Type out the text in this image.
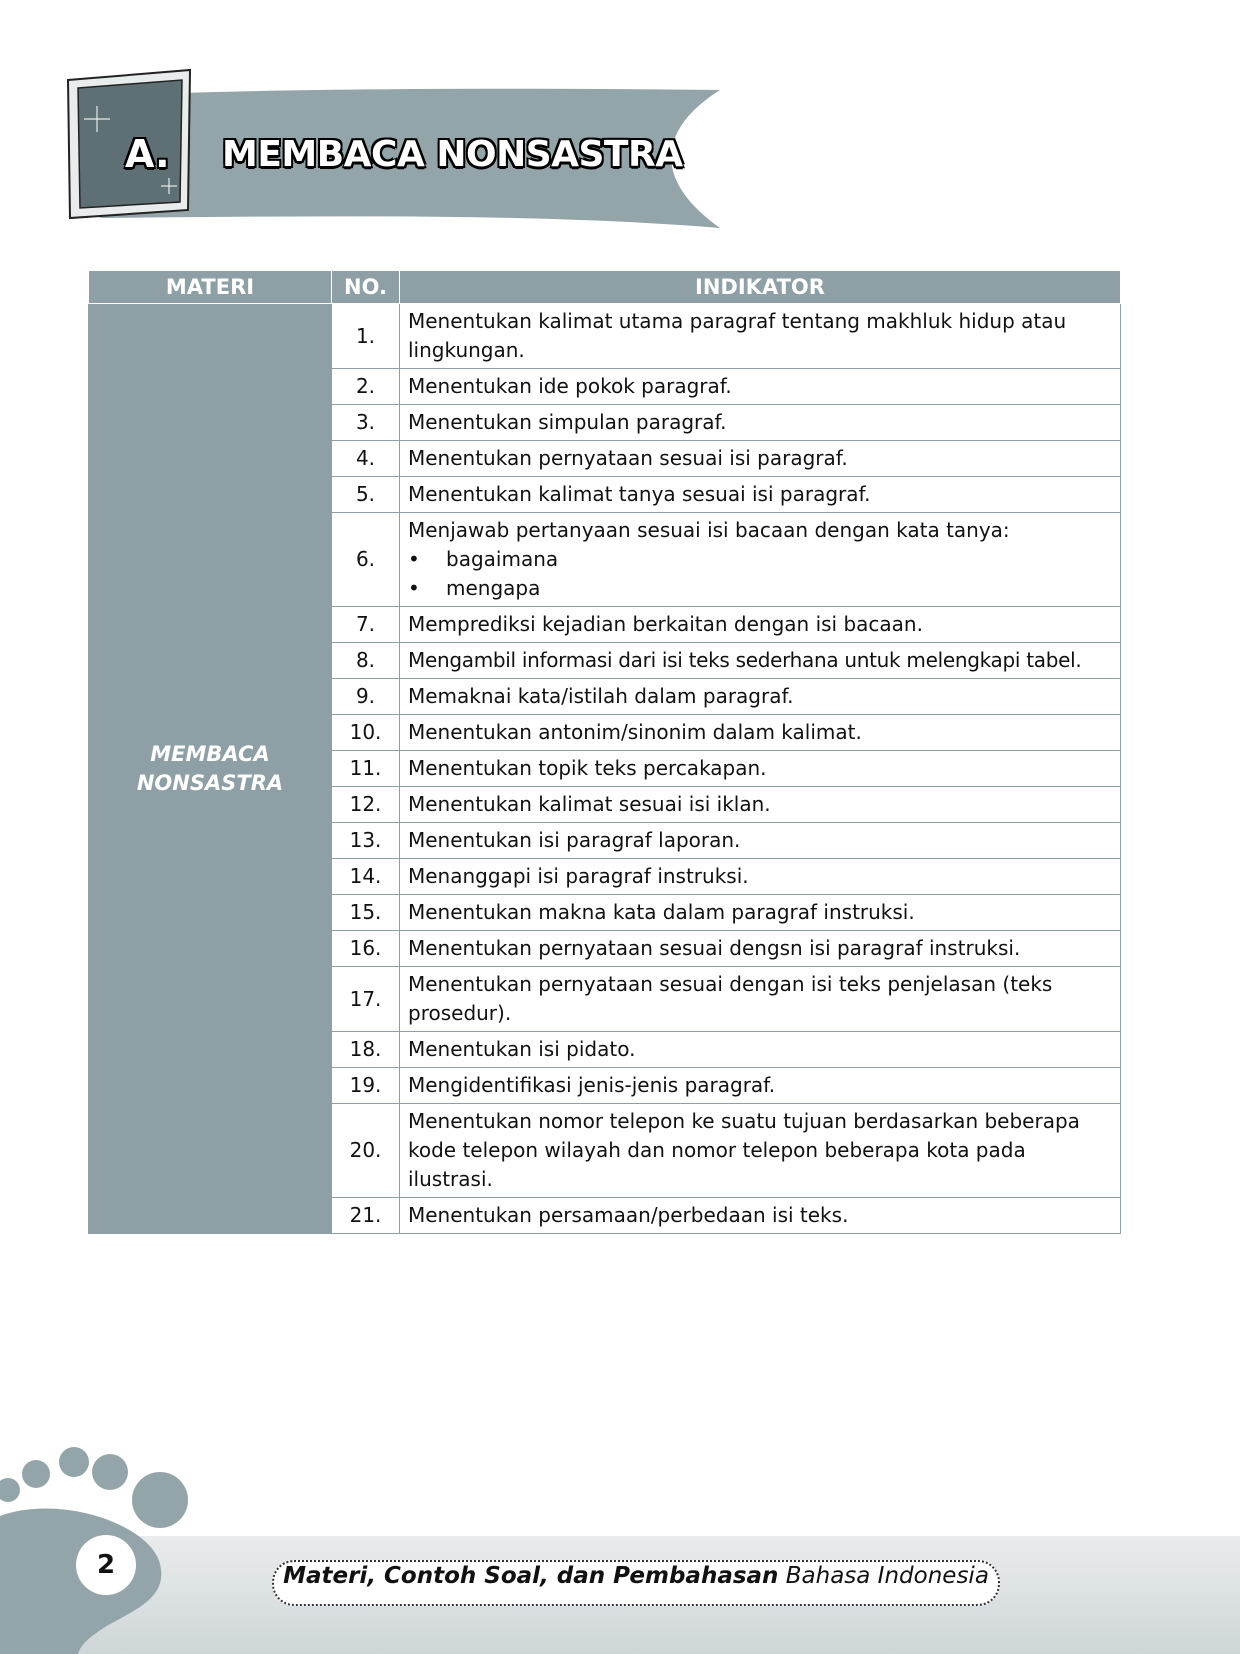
A. MEMBACA NONSASTRA
MATERI	NO.	INDIKATOR
MEMBACA
NONSASTRA	1.	Menentukan kalimat utama paragraf tentang makhluk hidup atau lingkungan.
	2.	Menentukan ide pokok paragraf.
	3.	Menentukan simpulan paragraf.
	4.	Menentukan pernyataan sesuai isi paragraf.
	5.	Menentukan kalimat tanya sesuai isi paragraf.
	6.	Menjawab pertanyaan sesuai isi bacaan dengan kata tanya:
• bagaimana
• mengapa

	7.	Memprediksi kejadian berkaitan dengan isi bacaan.
	8.	Mengambil informasi dari isi teks sederhana untuk melengkapi tabel.
	9.	Memaknai kata/istilah dalam paragraf.
	10.	Menentukan antonim/sinonim dalam kalimat.
	11.	Menentukan topik teks percakapan.
	12.	Menentukan kalimat sesuai isi iklan.
	13.	Menentukan isi paragraf laporan.
	14.	Menanggapi isi paragraf instruksi.
	15.	Menentukan makna kata dalam paragraf instruksi.
	16.	Menentukan pernyataan sesuai dengsn isi paragraf instruksi.
	17.	Menentukan pernyataan sesuai dengan isi teks penjelasan (teks prosedur).
	18.	Menentukan isi pidato.
	19.	Mengidentifikasi jenis-jenis paragraf.
	20.	Menentukan nomor telepon ke suatu tujuan berdasarkan beberapa kode telepon wilayah dan nomor telepon beberapa kota pada ilustrasi.
	21.	Menentukan persamaan/perbedaan isi teks.
2	Materi, Contoh Soal, dan Pembahasan Bahasa Indonesia
